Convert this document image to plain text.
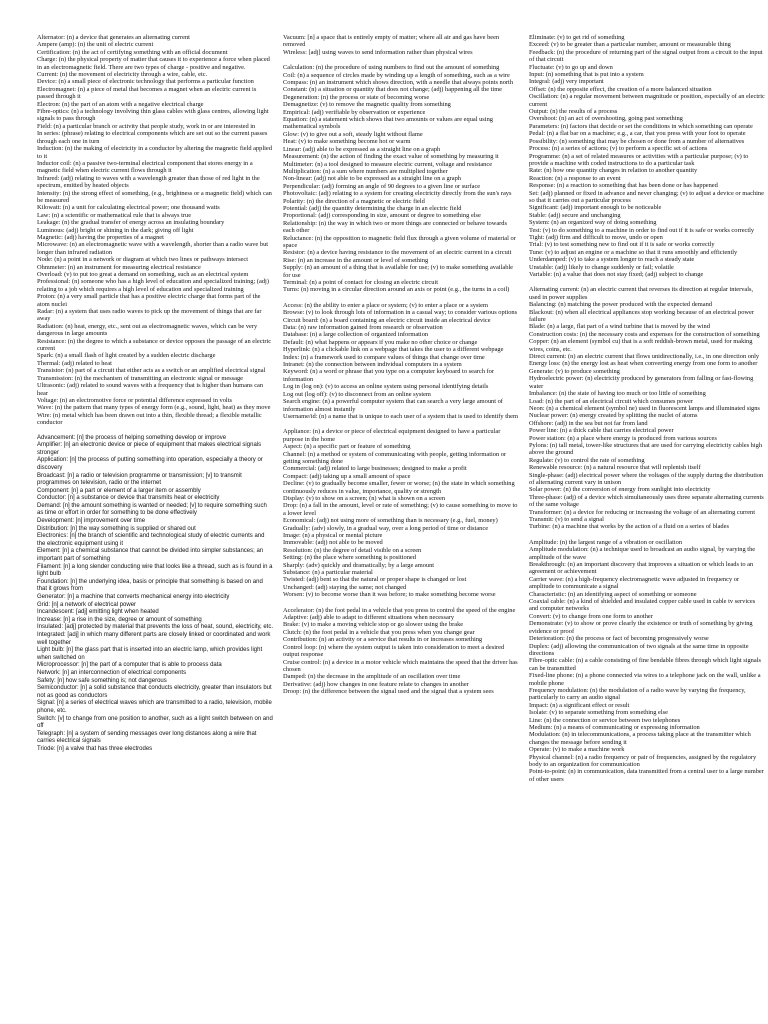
Alternator: (n) a device that generates an alternating current

Ampere (amp): (n) the unit of electric current

Certification: (n) the act of certifying something with an official document

Charge: (n) the physical property of matter that causes it to experience a force when placed in an electromagnetic field. There are two types of charge - positive and negative.

Current: (n) the movement of electricity through a wire, cable, etc.

Device: (n) a small piece of electronic technology that performs a particular function

Electromagnet: (n) a piece of metal that becomes a magnet when an electric current is passed through it

Electron: (n) the part of an atom with a negative electrical charge

Fibre-optics: (n) a technology involving thin glass cables with glass centres, allowing light signals to pass through

Field: (n) a particular branch or activity that people study, work in or are interested in

In series: (phrase) relating to electrical components which are set out so the current passes through each one in turn

Induction: (n) the making of electricity in a conductor by altering the magnetic field applied to it

Inductor coil: (n) a passive two-terminal electrical component that stores energy in a magnetic field when electric current flows through it

Infrared: (adj) relating to waves with a wavelength greater than those of red light in the spectrum, emitted by heated objects

Intensity: (n) the strong effect of something, (e.g., brightness or a magnetic field) which can be measured

Kilowatt: (n) a unit for calculating electrical power; one thousand watts

Law: (n) a scientific or mathematical rule that is always true

Leakage: (n) the gradual transfer of energy across an insulating boundary

Luminous: (adj) bright or shining in the dark; giving off light

Magnetic: (adj) having the properties of a magnet

Microwave: (n) an electromagnetic wave with a wavelength, shorter than a radio wave but longer than infrared radiation

Node: (n) a point in a network or diagram at which two lines or pathways intersect

Ohmmeter: (n) an instrument for measuring electrical resistance

Overload: (v) to put too great a demand on something, such as an electrical system

Professional: (n) someone who has a high level of education and specialized training; (adj) relating to a job which requires a high level of education and specialized training

Proton: (n) a very small particle that has a positive electric charge that forms part of the atom nuclei

Radar: (n) a system that uses radio waves to pick up the movement of things that are far away

Radiation: (n) heat, energy, etc., sent out as electromagnetic waves, which can be very dangerous in large amounts

Resistance: (n) the degree to which a substance or device opposes the passage of an electric current

Spark: (n) a small flash of light created by a sudden electric discharge

Thermal: (adj) related to heat

Transistor: (n) part of a circuit that either acts as a switch or an amplified electrical signal

Transmission: (n) the mechanism of transmitting an electronic signal or message

Ultrasonic: (adj) related to sound waves with a frequency that is higher than humans can hear

Voltage: (n) an electromotive force or potential difference expressed in volts

Wave: (n) the pattern that many types of energy form (e.g., sound, light, heat) as they move

Wire: (n) metal which has been drawn out into a thin, flexible thread; a flexible metallic conductor

Advancement: [n] the process of helping something develop or improve

Amplifier: [n] an electronic device or piece of equipment that makes electrical signals stronger

Application: [n] the process of putting something into operation, especially a theory or discovery

Broadcast: [n] a radio or television programme or transmission; [v] to transmit programmes on television, radio or the internet

Component: [n] a part or element of a larger item or assembly

Conductor: [n] a substance or device that transmits heat or electricity

Demand: [n] the amount something is wanted or needed; [v] to require something such as time or effort in order for something to be done effectively

Development: [n] improvement over time

Distribution: [n] the way something is supplied or shared out

Electronics: [n] the branch of scientific and technological study of electric currents and the electronic equipment using it

Element: [n] a chemical substance that cannot be divided into simpler substances; an important part of something

Filament: [n] a long slender conducting wire that looks like a thread, such as is found in a light bulb

Foundation: [n] the underlying idea, basis or principle that something is based on and that it grows from

Generator: [n] a machine that converts mechanical energy into electricity

Grid: [n] a network of electrical power

Incandescent: [adj] emitting light when heated

Increase: [n] a rise in the size, degree or amount of something

Insulated: [adj] protected by material that prevents the loss of heat, sound, electricity, etc.

Integrated: [adj] in which many different parts are closely linked or coordinated and work well together

Light bulb: [n] the glass part that is inserted into an electric lamp, which provides light when switched on

Microprocessor: [n] the part of a computer that is able to process data

Network: [n] an interconnection of electrical components

Safety: [n] how safe something is; not dangerous

Semiconductor: [n] a solid substance that conducts electricity, greater than insulators but not as good as conductors

Signal: [n] a series of electrical waves which are transmitted to a radio, television, mobile phone, etc.

Switch: [v] to change from one position to another, such as a light switch between on and off

Telegraph: [n] a system of sending messages over long distances along a wire that carries electrical signals

Triode: [n] a valve that has three electrodes

Vacuum: [n] a space that is entirely empty of matter; where all air and gas have been removed

Wireless: [adj] using waves to send information rather than physical wires

Calculation: (n) the procedure of using numbers to find out the amount of something

Coil: (n) a sequence of circles made by winding up a length of something, such as a wire

Compass: (n) an instrument which shows direction, with a needle that always points north

Constant: (n) a situation or quantity that does not change; (adj) happening all the time

Degeneration: (n) the process or state of becoming worse

Demagnetize: (v) to remove the magnetic quality from something

Empirical: (adj) verifiable by observation or experience

Equation: (n) a statement which shows that two amounts or values are equal using mathematical symbols

Glow: (v) to give out a soft, steady light without flame

Heat: (v) to make something become hot or warm

Linear: (adj) able to be expressed as a straight line on a graph

Measurement: (n) the action of finding the exact value of something by measuring it

Multimeter: (n) a tool designed to measure electric current, voltage and resistance

Multiplication: (n) a sum where numbers are multiplied together

Non-linear: (adj) not able to be expressed as a straight line on a graph

Perpendicular: (adj) forming an angle of 90 degrees to a given line or surface

Photovoltaic: (adj) relating to a system for creating electricity directly from the sun's rays

Polarity: (n) the direction of a magnetic or electric field

Potential: (adj) the quantity determining the charge in an electric field

Proportional: (adj) corresponding in size, amount or degree to something else

Relationship: (n) the way in which two or more things are connected or behave towards each other

Reluctance: (n) the opposition to magnetic field flux through a given volume of material or space

Resistor: (n) a device having resistance to the movement of an electric current in a circuit

Rise: (n) an increase in the amount or level of something

Supply: (n) an amount of a thing that is available for use; (v) to make something available for use

Terminal: (n) a point of contact for closing an electric circuit

Turns: (n) moving in a circular direction around an axis or point (e.g., the turns in a coil)

Access: (n) the ability to enter a place or system; (v) to enter a place or a system

Browse: (v) to look through lots of information in a casual way; to consider various options

Circuit board: (n) a board containing an electric circuit inside an electrical device

Data: (n) raw information gained from research or observation

Database: (n) a large collection of organized information

Default: (n) what happens or appears if you make no other choice or change

Hyperlink: (n) a clickable link on a webpage that takes the user to a different webpage

Index: (n) a framework used to compare values of things that change over time

Intranet: (n) the connection between individual computers in a system

Keyword: (n) a word or phrase that you type on a computer keyboard to search for information

Log in (log on): (v) to access an online system using personal identifying details

Log out (log off): (v) to disconnect from an online system

Search engine: (n) a powerful computer system that can search a very large amount of information almost instantly

Username/id: (n) a name that is unique to each user of a system that is used to identify them

Appliance: (n) a device or piece of electrical equipment designed to have a particular purpose in the home

Aspect: (n) a specific part or feature of something

Channel: (n) a method or system of communicating with people, getting information or getting something done

Commercial: (adj) related to large businesses; designed to make a profit

Compact: (adj) taking up a small amount of space

Decline: (v) to gradually become smaller, fewer or worse; (n) the state in which something continuously reduces in value, importance, quality or strength

Display: (v) to show on a screen; (n) what is shown on a screen

Drop: (n) a fall in the amount, level or rate of something; (v) to cause something to move to a lower level

Economical: (adj) not using more of something than is necessary (e.g., fuel, money)

Gradually: (adv) slowly, in a gradual way, over a long period of time or distance

Image: (n) a physical or mental picture

Immovable: (adj) not able to be moved

Resolution: (n) the degree of detail visible on a screen

Setting: (n) the place where something is positioned

Sharply: (adv) quickly and dramatically; by a large amount

Substance: (n) a particular material

Twisted: (adj) bent so that the natural or proper shape is changed or lost

Unchanged: (adj) staying the same; not changed

Worsen: (v) to become worse than it was before; to make something become worse

Accelerator: (n) the foot pedal in a vehicle that you press to control the speed of the engine

Adaptive: (adj) able to adapt to different situations when necessary

Brake: (v) to make a moving vehicle stop or go slower using the brake

Clutch: (n) the foot pedal in a vehicle that you press when you change gear

Contribution: (n) an activity or a service that results in or increases something

Control loop: (n) where the system output is taken into consideration to meet a desired output response

Cruise control: (n) a device in a motor vehicle which maintains the speed that the driver has chosen

Damped: (n) the decrease in the amplitude of an oscillation over time

Derivative: (adj) how changes in one feature relate to changes in another

Droop: (n) the difference between the signal used and the signal that a system sees

Eliminate: (v) to get rid of something

Exceed: (v) to be greater than a particular number, amount or measurable thing

Feedback: (n) the procedure of returning part of the signal output from a circuit to the input of that circuit

Fluctuate: (v) to go up and down

Input: (n) something that is put into a system

Integral: (adj) very important

Offset: (n) the opposite effect, the creation of a more balanced situation

Oscillation: (n) a regular movement between magnitude or position, especially of an electric current

Output: (n) the results of a process

Overshoot: (n) an act of overshooting, going past something

Parameters: (n) factors that decide or set the conditions in which something can operate

Pedal: (n) a flat bar on a machine; e.g., a car, that you press with your foot to operate

Possibility: (n) something that may be chosen or done from a number of alternatives

Process: (n) a series of actions; (v) to perform a specific set of actions

Programme: (n) a set of related measures or activities with a particular purpose; (v) to provide a machine with coded instructions to do a particular task

Rate: (n) how one quantity changes in relation to another quantity

Reaction: (n) a response to an event

Response: (n) a reaction to something that has been done or has happened

Set: (adj) planned or fixed in advance and never changing; (v) to adjust a device or machine so that it carries out a particular process

Significant: (adj) important enough to be noticeable

Stable: (adj) secure and unchanging

System: (n) an organized way of doing something

Test: (v) to do something to a machine in order to find out if it is safe or works correctly

Tight: (adj) firm and difficult to move, undo or open

Trial: (v) to test something new to find out if it is safe or works correctly

Tune: (v) to adjust an engine or a machine so that it runs smoothly and efficiently

Underdamped: (v) to take a system longer to reach a steady state

Unstable: (adj) likely to change suddenly or fail; volatile

Variable: (n) a value that does not stay fixed; (adj) subject to change

Alternating current: (n) an electric current that reverses its direction at regular intervals, used in power supplies

Balancing: (n) matching the power produced with the expected demand

Blackout: (n) when all electrical appliances stop working because of an electrical power failure

Blade: (n) a large, flat part of a wind turbine that is moved by the wind

Construction costs: (n) the necessary costs and expenses for the construction of something

Copper: (n) an element (symbol cu) that is a soft reddish-brown metal, used for making wires, coins, etc.

Direct current: (n) an electric current that flows unidirectionally, i.e., in one direction only

Energy loss: (n) the energy lost as heat when converting energy from one form to another

Generate: (v) to produce something

Hydroelectric power: (n) electricity produced by generators from falling or fast-flowing water

Imbalance: (n) the state of having too much or too little of something

Load: (n) the part of an electrical circuit which consumes power

Neon: (n) a chemical element (symbol ne) used in fluorescent lamps and illuminated signs

Nuclear power: (n) energy created by splitting the nuclei of atoms

Offshore: (adj) in the sea but not far from land

Power line: (n) a thick cable that carries electrical power

Power station: (n) a place where energy is produced from various sources

Pylons: (n) tall metal, tower-like structures that are used for carrying electricity cables high above the ground

Regulate: (v) to control the rate of something

Renewable resource: (n) a natural resource that will replenish itself

Single-phase: (adj) electrical power where the voltages of the supply during the distribution of alternating current vary in unison

Solar power: (n) the conversion of energy from sunlight into electricity

Three-phase: (adj) of a device which simultaneously uses three separate alternating currents of the same voltage

Transformer: (n) a device for reducing or increasing the voltage of an alternating current

Transmit: (v) to send a signal

Turbine: (n) a machine that works by the action of a fluid on a series of blades

Amplitude: (n) the largest range of a vibration or oscillation

Amplitude modulation: (n) a technique used to broadcast an audio signal, by varying the amplitude of the wave

Breakthrough: (n) an important discovery that improves a situation or which leads to an agreement or achievement

Carrier wave: (n) a high-frequency electromagnetic wave adjusted in frequency or amplitude to communicate a signal

Characteristic: (n) an identifying aspect of something or someone

Coaxial cable: (n) a kind of shielded and insulated copper cable used in cable tv services and computer networks

Convert: (v) to change from one form to another

Demonstrate: (v) to show or prove clearly the existence or truth of something by giving evidence or proof

Deterioration: (n) the process or fact of becoming progressively worse

Duplex: (adj) allowing the communication of two signals at the same time in opposite directions

Fibre-optic cable: (n) a cable consisting of fine bendable fibres through which light signals can be transmitted

Fixed-line phone: (n) a phone connected via wires to a telephone jack on the wall, unlike a mobile phone

Frequency modulation: (n) the modulation of a radio wave by varying the frequency, particularly to carry an audio signal

Impact: (n) a significant effect or result

Isolate: (v) to separate something from something else

Line: (n) the connection or service between two telephones

Medium: (n) a means of communicating or expressing information

Modulation: (n) in telecommunications, a process taking place at the transmitter which changes the message before sending it

Operate: (v) to make a machine work

Physical channel: (n) a radio frequency or pair of frequencies, assigned by the regulatory body to an organization for communication

Point-to-point: (n) in communication, data transmitted from a central user to a large number of other users
